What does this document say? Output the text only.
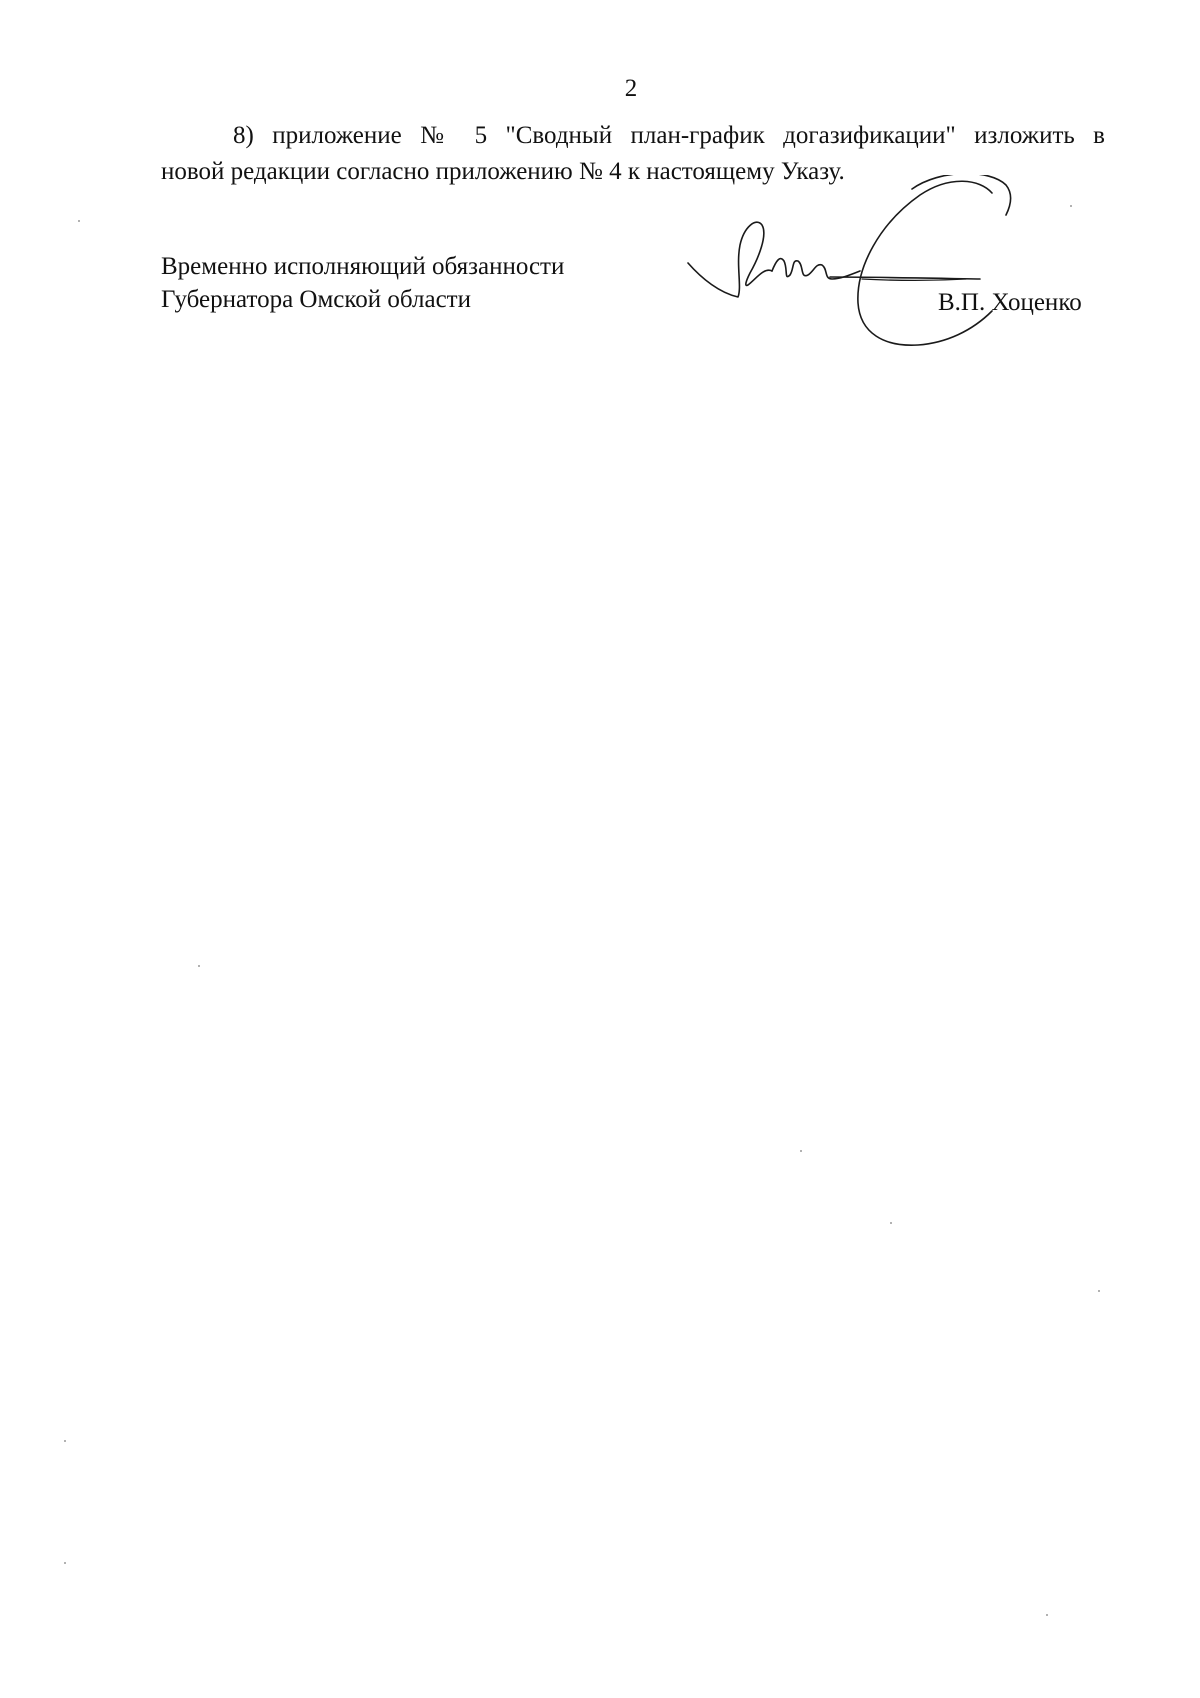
2
8) приложение № 5 "Сводный план-график догазификации" изложить в
новой редакции согласно приложению № 4 к настоящему Указу.
Временно исполняющий обязанности
Губернатора Омской области	В.П. Хоценко
